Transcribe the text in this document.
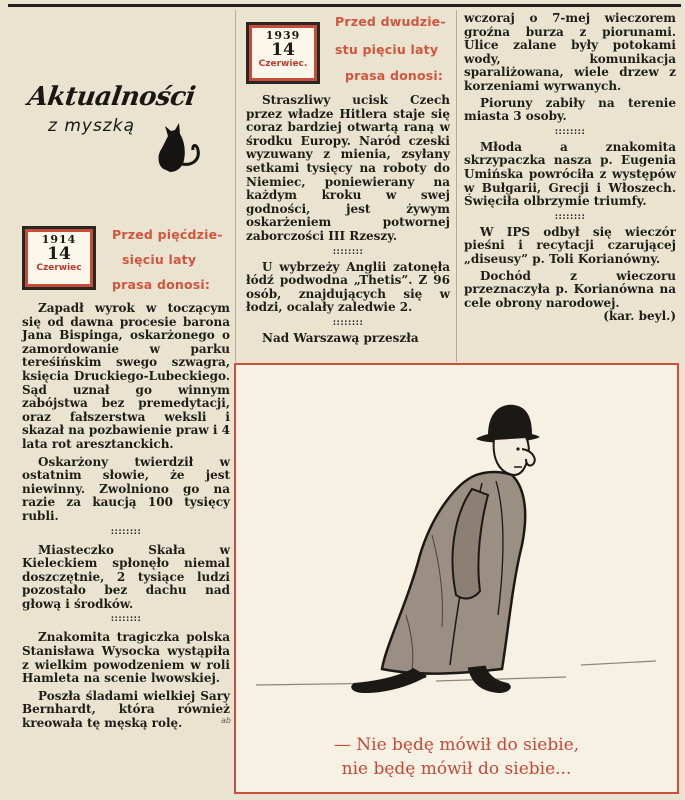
Aktualności
z myszką
1914
14
Czerwiec
Przed pięćdzie-
sięciu laty
prasa donosi:

Zapadł wyrok w toczącym się od dawna procesie barona Jana Bispinga, oskarżonego o zamordowanie w parku tereśińskim swego szwagra, księcia Druckiego-Lubeckiego. Sąd uznał go winnym zabójstwa bez premedytacji, oraz fałszerstwa weksli i skazał na pozbawienie praw i 4 lata rot aresztanckich.

Oskarżony twierdził w ostatnim słowie, że jest niewinny. Zwolniono go na razie za kaucją 100 tysięcy rubli.

::::::::

Miasteczko Skała w Kieleckiem spłonęło niemal doszczętnie, 2 tysiące ludzi pozostało bez dachu nad głową i środków.

::::::::

Znakomita tragiczka polska Stanisława Wysocka wystąpiła z wielkim powodzeniem w roli Hamleta na scenie lwowskiej.

Poszła śladami wielkiej Sary Bernhardt, która również kreowała tę męską rolę.

1939
14
Czerwiec.
Przed dwudzie-
stu pięciu laty
prasa donosi:

Straszliwy ucisk Czech przez władze Hitlera staje się coraz bardziej otwartą raną w środku Europy. Naród czeski wyzuwany z mienia, zsyłany setkami tysięcy na roboty do Niemiec, poniewierany na każdym kroku w swej godności, jest żywym oskarżeniem potwornej zaborczości III Rzeszy.

::::::::

U wybrzeży Anglii zatonęła łódź podwodna „Thetis”. Z 96 osób, znajdujących się w łodzi, ocalały zaledwie 2.

::::::::

Nad Warszawą przeszła

wczoraj o 7-mej wieczorem groźna burza z piorunami. Ulice zalane były potokami wody, komunikacja sparaliżowana, wiele drzew z korzeniami wyrwanych.

Pioruny zabiły na terenie miasta 3 osoby.

::::::::

Młoda a znakomita skrzypaczka nasza p. Eugenia Umińska powróciła z występów w Bułgarii, Grecji i Włoszech. Święciła olbrzymie triumfy.

::::::::

W IPS odbył się wieczór pieśni i recytacji czarującej „diseusy” p. Toli Korianówny.

Dochód z wieczoru przeznaczyła p. Korianówna na cele obrony narodowej.

(kar. beyl.)

— Nie będę mówił do siebie,
nie będę mówił do siebie...
ab
